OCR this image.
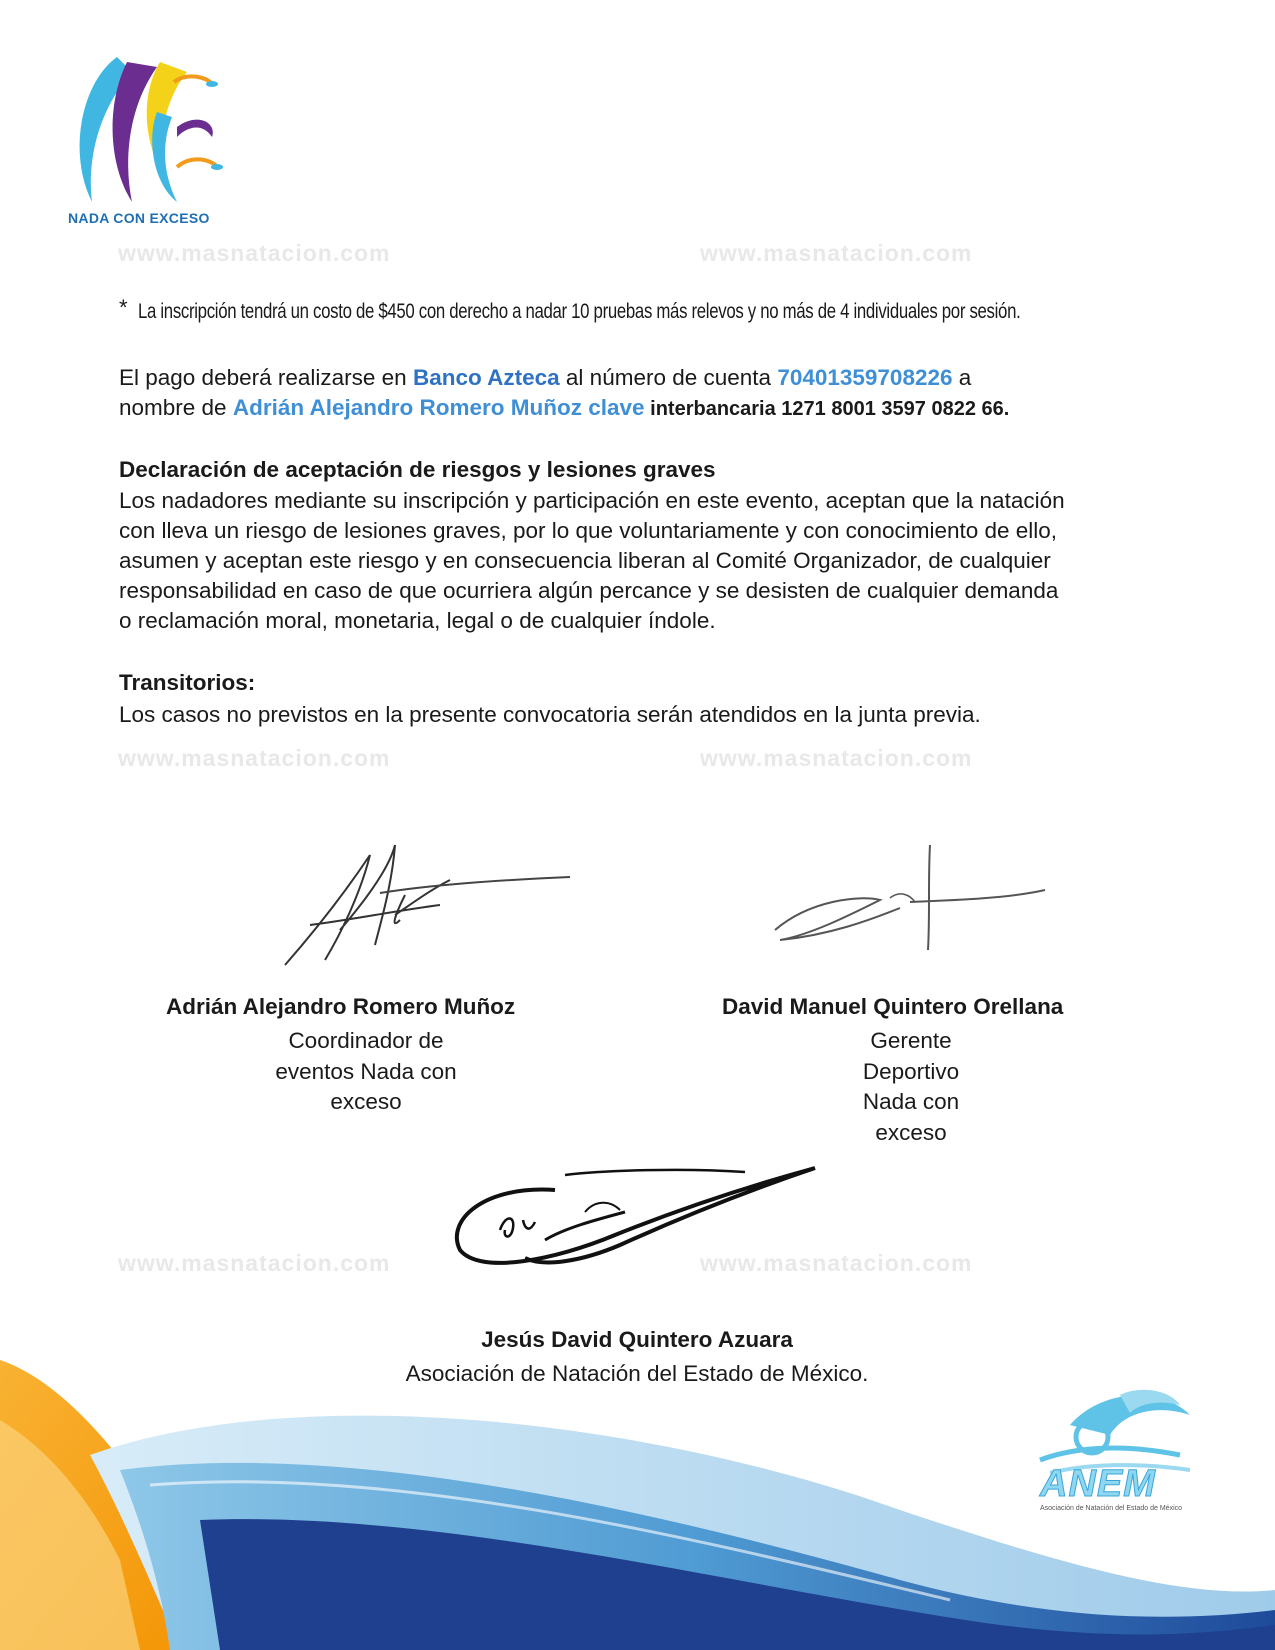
NADA CON EXCESO
www.masnatacion.com	www.masnatacion.com
www.masnatacion.com	www.masnatacion.com
www.masnatacion.com	www.masnatacion.com
* La inscripción tendrá un costo de $450 con derecho a nadar 10 pruebas más relevos y no más de 4 individuales por sesión.
El pago deberá realizarse en Banco Azteca al número de cuenta 70401359708226 a
nombre de Adrián Alejandro Romero Muñoz clave interbancaria 1271 8001 3597 0822 66.
Declaración de aceptación de riesgos y lesiones graves
Los nadadores mediante su inscripción y participación en este evento, aceptan que la natación
con lleva un riesgo de lesiones graves, por lo que voluntariamente y con conocimiento de ello,
asumen y aceptan este riesgo y en consecuencia liberan al Comité Organizador, de cualquier
responsabilidad en caso de que ocurriera algún percance y se desisten de cualquier demanda
o reclamación moral, monetaria, legal o de cualquier índole.
Transitorios:
Los casos no previstos en la presente convocatoria serán atendidos en la junta previa.
Adrián Alejandro Romero Muñoz
Coordinador de
eventos Nada con
exceso
David Manuel Quintero Orellana
Gerente
Deportivo
Nada con
exceso
Jesús David Quintero Azuara
Asociación de Natación del Estado de México.
ANEM
Asociación de Natación del Estado de México
